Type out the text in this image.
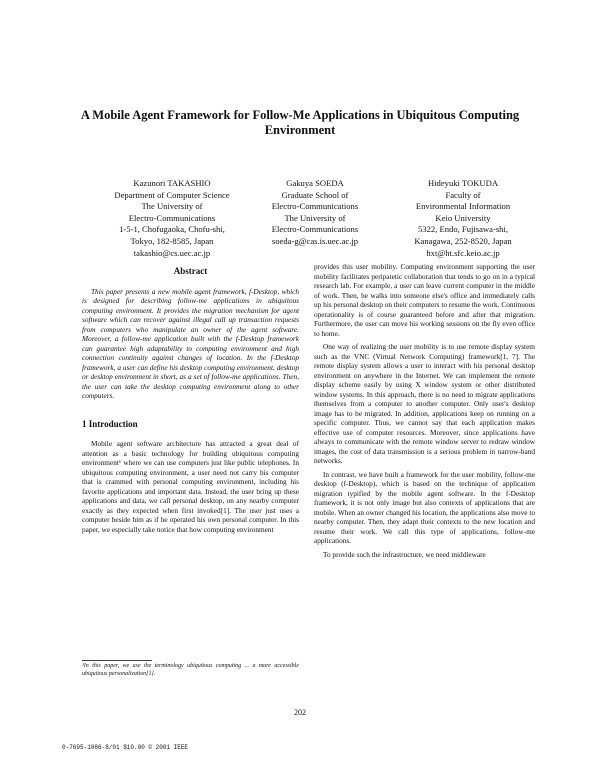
A Mobile Agent Framework for Follow-Me Applications in Ubiquitous Computing Environment
Kazunori TAKASHIO
Department of Computer Science
The University of
Electro-Communications
1-5-1, Chofugaoka, Chofu-shi,
Tokyo, 182-8585, Japan
takashio@cs.uec.ac.jp
Gakuya SOEDA
Graduate School of
Electro-Communications
The University of
Electro-Communications
soeda-g@cas.is.uec.ac.jp
Hideyuki TOKUDA
Faculty of
Environmental Information
Keio University
5322, Endo, Fujisawa-shi,
Kanagawa, 252-8520, Japan
hxt@ht.sfc.keio.ac.jp
Abstract

This paper presents a new mobile agent framework, f-Desktop, which is designed for describing follow-me applications in ubiquitous computing environment. It provides the migration mechanism for agent software which can recover against illegal call up transaction requests from computers who manipulate an owner of the agent software. Moreover, a follow-me application built with the f-Desktop framework can guarantee high adaptability to computing environment and high connection continuity against changes of location. In the f-Desktop framework, a user can define his desktop computing environment, desktop or desktop environment in short, as a set of follow-me applications. Then, the user can take the desktop computing environment along to other computers.

1 Introduction

Mobile agent software architecture has attracted a great deal of attention as a basic technology for building ubiquitous computing environment¹ where we can use computers just like public telephones. In ubiquitous computing environment, a user need not carry his computer that is crammed with personal computing environment, including his favorite applications and important data. Instead, the user bring up these applications and data, we call personal desktop, on any nearby computer exactly as they expected when first invoked[1]. The user just uses a computer beside him as if he operated his own personal computer. In this paper, we especially take notice that how computing environment

provides this user mobility. Computing environment supporting the user mobility facilitates peripatetic collaboration that tends to go on in a typical research lab. For example, a user can leave current computer in the middle of work. Then, he walks into someone else's office and immediately calls up his personal desktop on their computers to resume the work. Continuous operationality is of course guaranteed before and after that migration. Furthermore, the user can move his working sessions on the fly even office to home.

One way of realizing the user mobility is to use remote display system such as the VNC (Virtual Network Computing) framework[1, 7]. The remote display system allows a user to interact with his personal desktop environment on anywhere in the Internet. We can implement the remote display scheme easily by using X window system or other distributed window systems. In this approach, there is no need to migrate applications themselves from a computer to another computer. Only user's desktop image has to be migrated. In addition, applications keep on running on a specific computer. Thus, we cannot say that each application makes effective use of computer resources. Moreover, since applications have always to communicate with the remote window server to redraw window images, the cost of data transmission is a serious problem in narrow-band networks.

In contrast, we have built a framework for the user mobility, follow-me desktop (f-Desktop), which is based on the technique of application migration typified by the mobile agent software. In the f-Desktop framework, it is not only image but also contexts of applications that are mobile. When an owner changed his location, the applications also move to nearby computer. Then, they adapt their contexts to the new location and resume their work. We call this type of applications, follow-me applications.

To provide such the infrastructure, we need middleware

¹In this paper, we use the terminology ubiquitous computing ... a more accessible ubiquitous personalization[1].
202
0-7695-1086-8/01 $10.00 © 2001 IEEE
